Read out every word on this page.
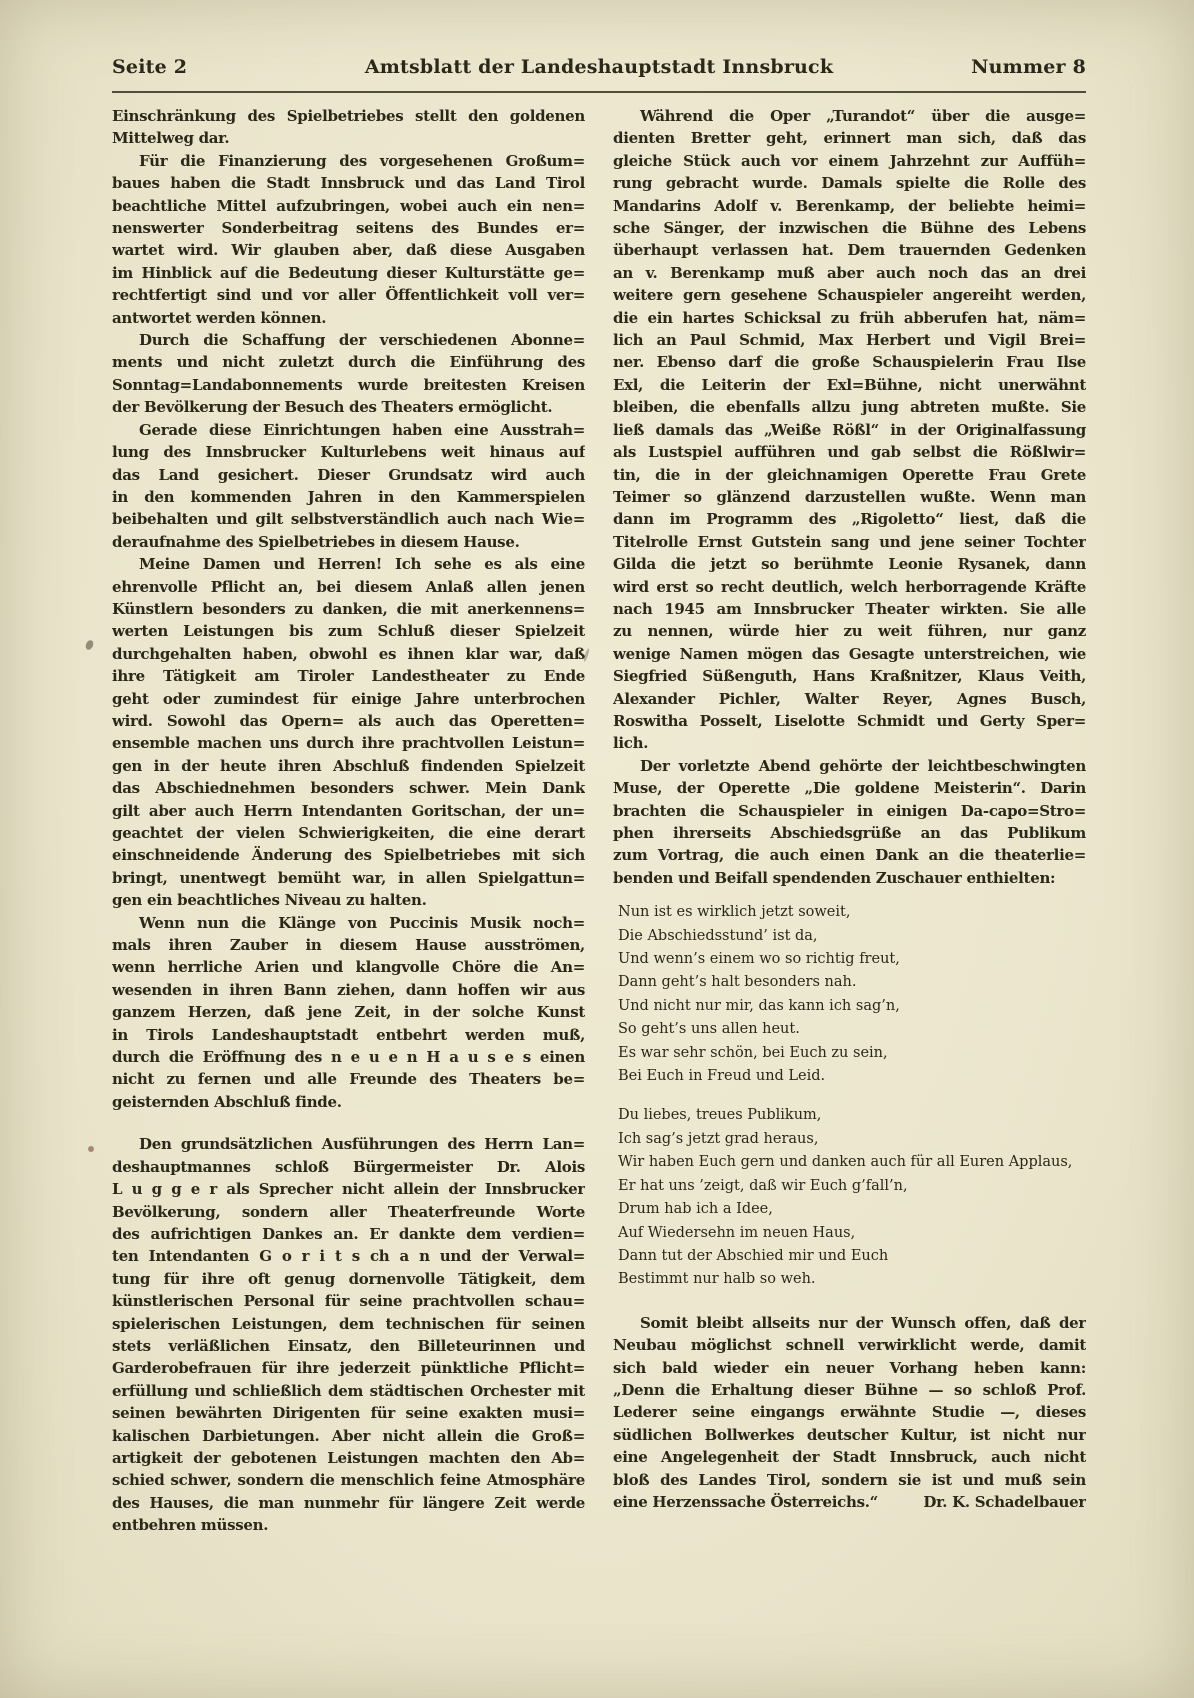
Amtsblatt der Landeshauptstadt Innsbruck
Seite 2	Nummer 8
Einschränkung des Spielbetriebes stellt den goldenen
Mittelweg dar.
Für die Finanzierung des vorgesehenen Großum=
baues haben die Stadt Innsbruck und das Land Tirol
beachtliche Mittel aufzubringen, wobei auch ein nen=
nenswerter Sonderbeitrag seitens des Bundes er=
wartet wird. Wir glauben aber, daß diese Ausgaben
im Hinblick auf die Bedeutung dieser Kulturstätte ge=
rechtfertigt sind und vor aller Öffentlichkeit voll ver=
antwortet werden können.
Durch die Schaffung der verschiedenen Abonne=
ments und nicht zuletzt durch die Einführung des
Sonntag=Landabonnements wurde breitesten Kreisen
der Bevölkerung der Besuch des Theaters ermöglicht.
Gerade diese Einrichtungen haben eine Ausstrah=
lung des Innsbrucker Kulturlebens weit hinaus auf
das Land gesichert. Dieser Grundsatz wird auch
in den kommenden Jahren in den Kammerspielen
beibehalten und gilt selbstverständlich auch nach Wie=
deraufnahme des Spielbetriebes in diesem Hause.
Meine Damen und Herren! Ich sehe es als eine
ehrenvolle Pflicht an, bei diesem Anlaß allen jenen
Künstlern besonders zu danken, die mit anerkennens=
werten Leistungen bis zum Schluß dieser Spielzeit
durchgehalten haben, obwohl es ihnen klar war, daß
ihre Tätigkeit am Tiroler Landestheater zu Ende
geht oder zumindest für einige Jahre unterbrochen
wird. Sowohl das Opern= als auch das Operetten=
ensemble machen uns durch ihre prachtvollen Leistun=
gen in der heute ihren Abschluß findenden Spielzeit
das Abschiednehmen besonders schwer. Mein Dank
gilt aber auch Herrn Intendanten Goritschan, der un=
geachtet der vielen Schwierigkeiten, die eine derart
einschneidende Änderung des Spielbetriebes mit sich
bringt, unentwegt bemüht war, in allen Spielgattun=
gen ein beachtliches Niveau zu halten.
Wenn nun die Klänge von Puccinis Musik noch=
mals ihren Zauber in diesem Hause ausströmen,
wenn herrliche Arien und klangvolle Chöre die An=
wesenden in ihren Bann ziehen, dann hoffen wir aus
ganzem Herzen, daß jene Zeit, in der solche Kunst
in Tirols Landeshauptstadt entbehrt werden muß,
durch die Eröffnung des n e u e n H a u s e s einen
nicht zu fernen und alle Freunde des Theaters be=
geisternden Abschluß finde.
Den grundsätzlichen Ausführungen des Herrn Lan=
deshauptmannes schloß Bürgermeister Dr. Alois
L u g g e r als Sprecher nicht allein der Innsbrucker
Bevölkerung, sondern aller Theaterfreunde Worte
des aufrichtigen Dankes an. Er dankte dem verdien=
ten Intendanten G o r i t s ch a n und der Verwal=
tung für ihre oft genug dornenvolle Tätigkeit, dem
künstlerischen Personal für seine prachtvollen schau=
spielerischen Leistungen, dem technischen für seinen
stets verläßlichen Einsatz, den Billeteurinnen und
Garderobefrauen für ihre jederzeit pünktliche Pflicht=
erfüllung und schließlich dem städtischen Orchester mit
seinen bewährten Dirigenten für seine exakten musi=
kalischen Darbietungen. Aber nicht allein die Groß=
artigkeit der gebotenen Leistungen machten den Ab=
schied schwer, sondern die menschlich feine Atmosphäre
des Hauses, die man nunmehr für längere Zeit werde
entbehren müssen.
Während die Oper „Turandot“ über die ausge=
dienten Bretter geht, erinnert man sich, daß das
gleiche Stück auch vor einem Jahrzehnt zur Auffüh=
rung gebracht wurde. Damals spielte die Rolle des
Mandarins Adolf v. Berenkamp, der beliebte heimi=
sche Sänger, der inzwischen die Bühne des Lebens
überhaupt verlassen hat. Dem trauernden Gedenken
an v. Berenkamp muß aber auch noch das an drei
weitere gern gesehene Schauspieler angereiht werden,
die ein hartes Schicksal zu früh abberufen hat, näm=
lich an Paul Schmid, Max Herbert und Vigil Brei=
ner. Ebenso darf die große Schauspielerin Frau Ilse
Exl, die Leiterin der Exl=Bühne, nicht unerwähnt
bleiben, die ebenfalls allzu jung abtreten mußte. Sie
ließ damals das „Weiße Rößl“ in der Originalfassung
als Lustspiel aufführen und gab selbst die Rößlwir=
tin, die in der gleichnamigen Operette Frau Grete
Teimer so glänzend darzustellen wußte. Wenn man
dann im Programm des „Rigoletto“ liest, daß die
Titelrolle Ernst Gutstein sang und jene seiner Tochter
Gilda die jetzt so berühmte Leonie Rysanek, dann
wird erst so recht deutlich, welch herborragende Kräfte
nach 1945 am Innsbrucker Theater wirkten. Sie alle
zu nennen, würde hier zu weit führen, nur ganz
wenige Namen mögen das Gesagte unterstreichen, wie
Siegfried Süßenguth, Hans Kraßnitzer, Klaus Veith,
Alexander Pichler, Walter Reyer, Agnes Busch,
Roswitha Posselt, Liselotte Schmidt und Gerty Sper=
lich.
Der vorletzte Abend gehörte der leichtbeschwingten
Muse, der Operette „Die goldene Meisterin“. Darin
brachten die Schauspieler in einigen Da-capo=Stro=
phen ihrerseits Abschiedsgrüße an das Publikum
zum Vortrag, die auch einen Dank an die theaterlie=
benden und Beifall spendenden Zuschauer enthielten:
Nun ist es wirklich jetzt soweit,
Die Abschiedsstund’ ist da,
Und wenn’s einem wo so richtig freut,
Dann geht’s halt besonders nah.
Und nicht nur mir, das kann ich sag’n,
So geht’s uns allen heut.
Es war sehr schön, bei Euch zu sein,
Bei Euch in Freud und Leid.
Du liebes, treues Publikum,
Ich sag’s jetzt grad heraus,
Wir haben Euch gern und danken auch für all Euren Applaus,
Er hat uns ’zeigt, daß wir Euch g’fall’n,
Drum hab ich a Idee,
Auf Wiedersehn im neuen Haus,
Dann tut der Abschied mir und Euch
Bestimmt nur halb so weh.
Somit bleibt allseits nur der Wunsch offen, daß der
Neubau möglichst schnell verwirklicht werde, damit
sich bald wieder ein neuer Vorhang heben kann:
„Denn die Erhaltung dieser Bühne — so schloß Prof.
Lederer seine eingangs erwähnte Studie —, dieses
südlichen Bollwerkes deutscher Kultur, ist nicht nur
eine Angelegenheit der Stadt Innsbruck, auch nicht
bloß des Landes Tirol, sondern sie ist und muß sein
eine Herzenssache Österreichs.“	Dr. K. Schadelbauer
